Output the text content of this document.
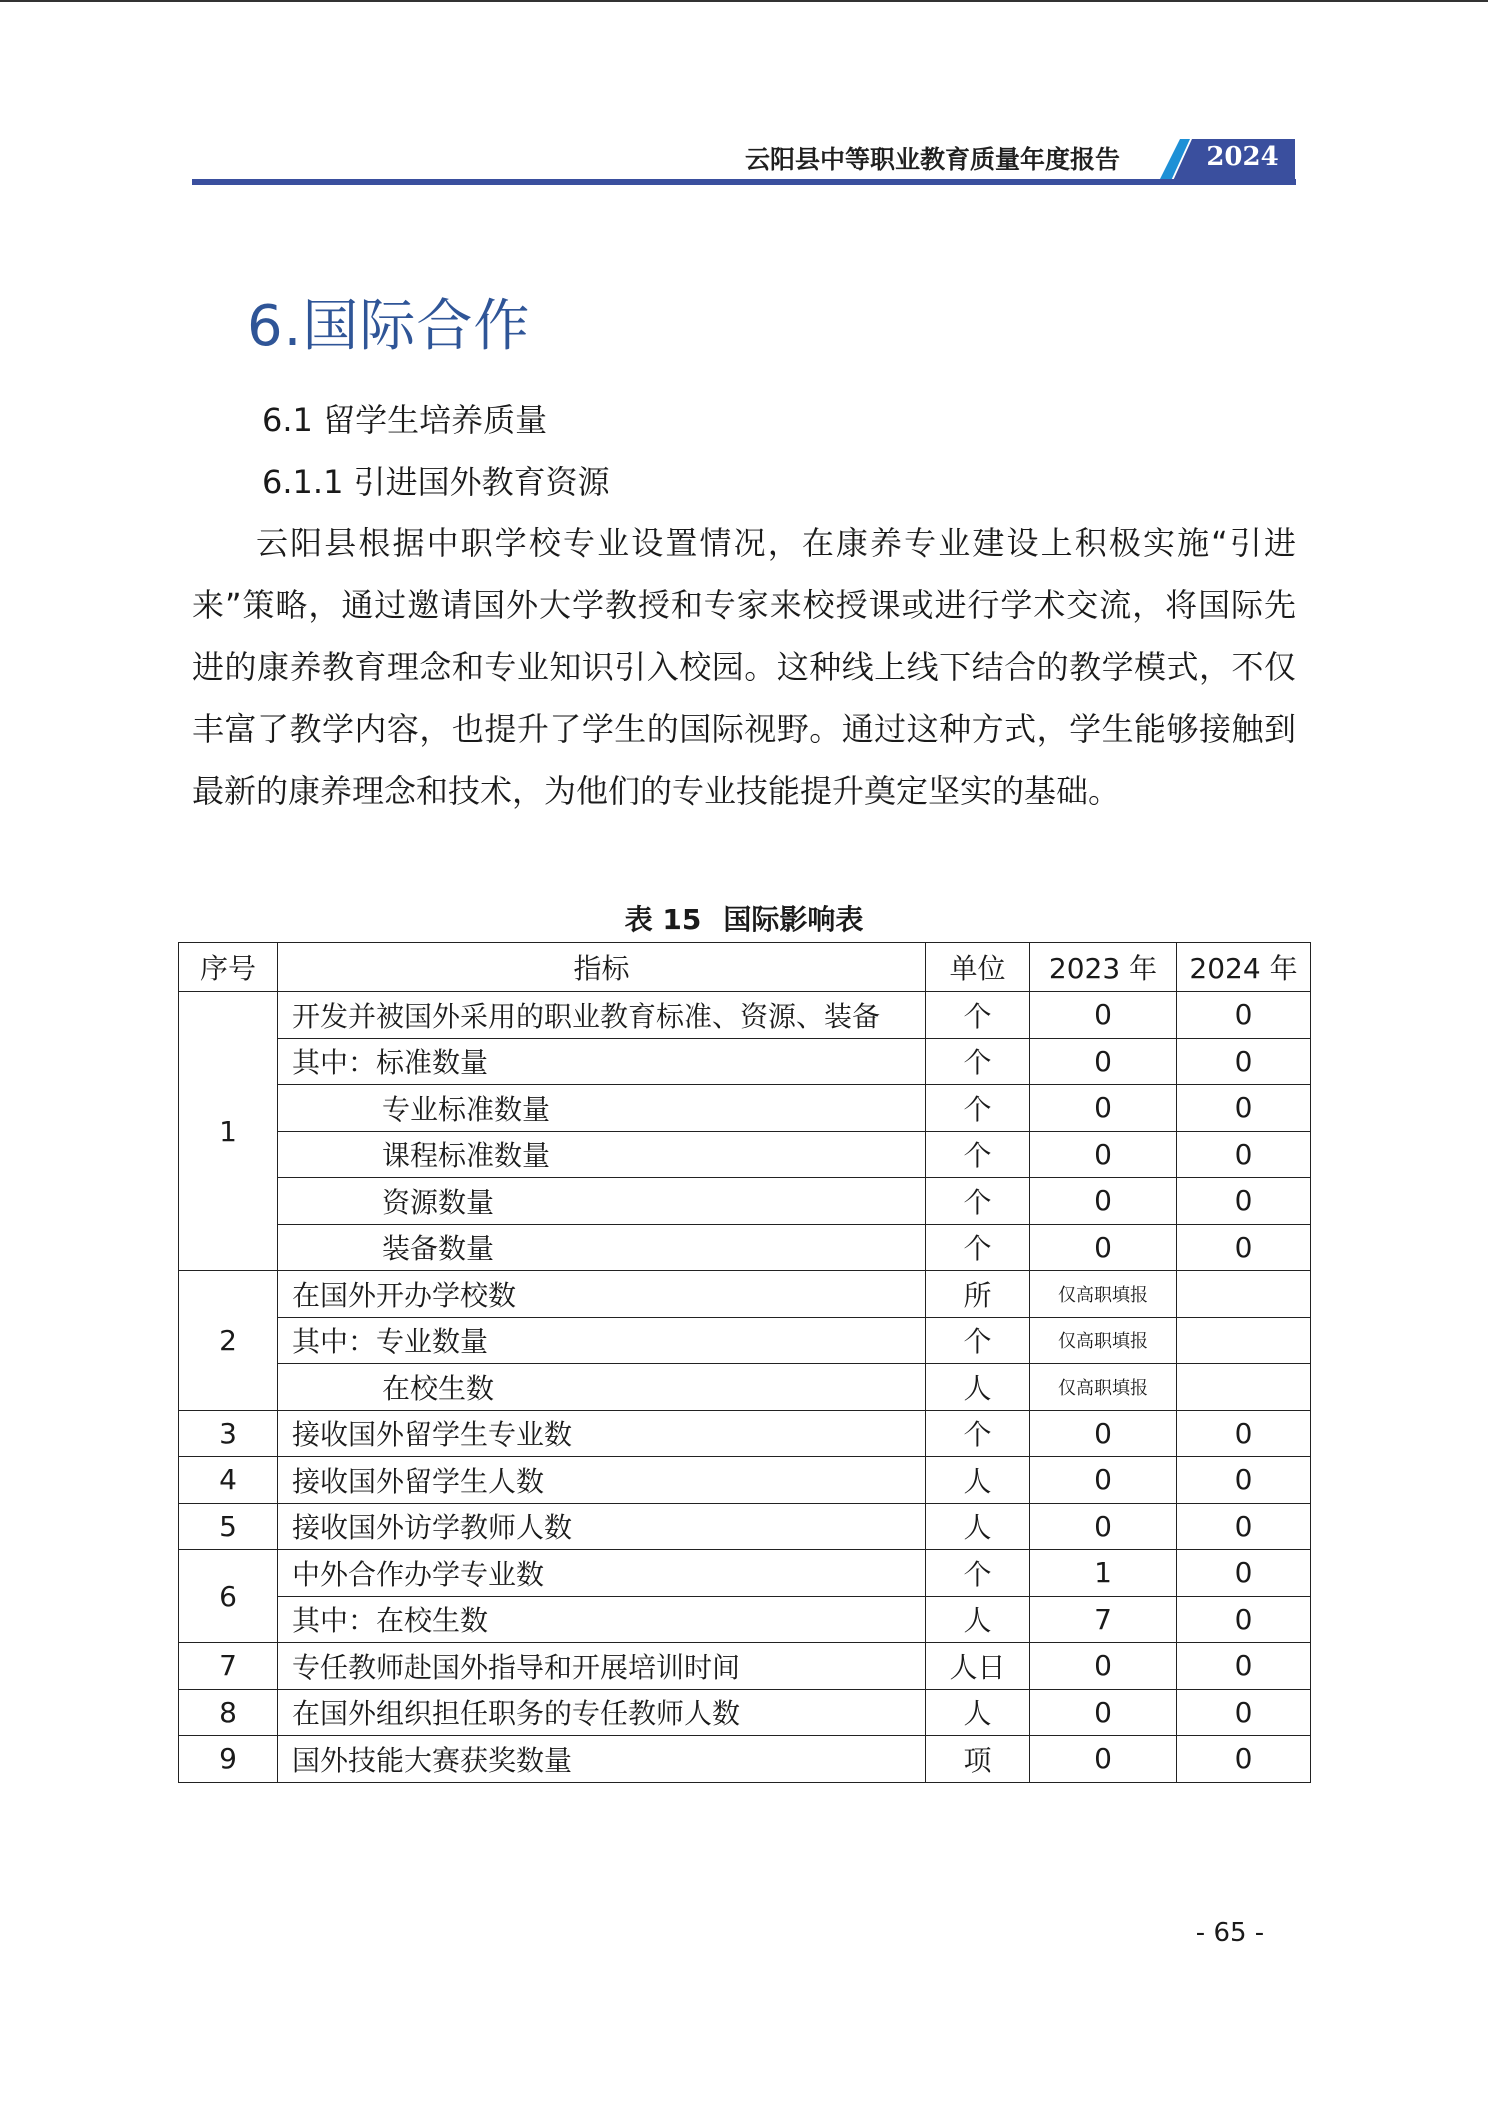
云阳县中等职业教育质量年度报告	2024
6.国际合作
6.1 留学生培养质量
6.1.1 引进国外教育资源
云阳县根据中职学校专业设置情况，在康养专业建设上积极实施“引进来”策略，通过邀请国外大学教授和专家来校授课或进行学术交流，将国际先进的康养教育理念和专业知识引入校园。这种线上线下结合的教学模式，不仅丰富了教学内容，也提升了学生的国际视野。通过这种方式，学生能够接触到最新的康养理念和技术，为他们的专业技能提升奠定坚实的基础。
表 15 国际影响表
序号	指标	单位	2023 年	2024 年
1	开发并被国外采用的职业教育标准、资源、装备	个	0	0
	其中：标准数量	个	0	0
	专业标准数量	个	0	0
	课程标准数量	个	0	0
	资源数量	个	0	0
	装备数量	个	0	0
2	在国外开办学校数	所	仅高职填报	
	其中：专业数量	个	仅高职填报	
	在校生数	人	仅高职填报	
3	接收国外留学生专业数	个	0	0
4	接收国外留学生人数	人	0	0
5	接收国外访学教师人数	人	0	0
6	中外合作办学专业数	个	1	0
	其中：在校生数	人	7	0
7	专任教师赴国外指导和开展培训时间	人日	0	0
8	在国外组织担任职务的专任教师人数	人	0	0
9	国外技能大赛获奖数量	项	0	0
- 65 -
